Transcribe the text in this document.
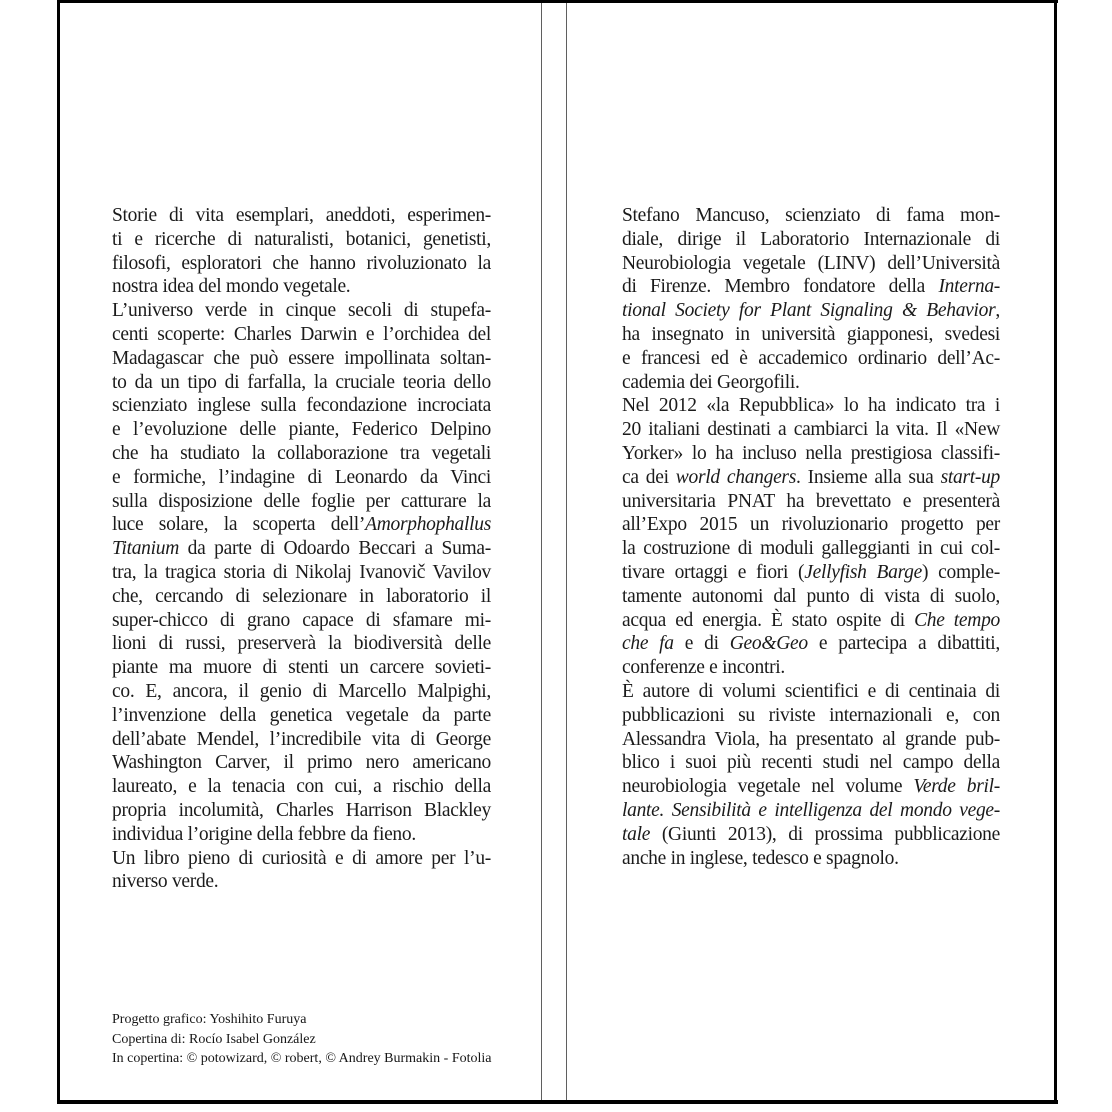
Storie di vita esemplari, aneddoti, esperimen-
ti e ricerche di naturalisti, botanici, genetisti,
filosofi, esploratori che hanno rivoluzionato la
nostra idea del mondo vegetale.
L’universo verde in cinque secoli di stupefa-
centi scoperte: Charles Darwin e l’orchidea del
Madagascar che può essere impollinata soltan-
to da un tipo di farfalla, la cruciale teoria dello
scienziato inglese sulla fecondazione incrociata
e l’evoluzione delle piante, Federico Delpino
che ha studiato la collaborazione tra vegetali
e formiche, l’indagine di Leonardo da Vinci
sulla disposizione delle foglie per catturare la
luce solare, la scoperta dell’Amorphophallus
Titanium da parte di Odoardo Beccari a Suma-
tra, la tragica storia di Nikolaj Ivanovič Vavilov
che, cercando di selezionare in laboratorio il
super-chicco di grano capace di sfamare mi-
lioni di russi, preserverà la biodiversità delle
piante ma muore di stenti un carcere sovieti-
co. E, ancora, il genio di Marcello Malpighi,
l’invenzione della genetica vegetale da parte
dell’abate Mendel, l’incredibile vita di George
Washington Carver, il primo nero americano
laureato, e la tenacia con cui, a rischio della
propria incolumità, Charles Harrison Blackley
individua l’origine della febbre da fieno.
Un libro pieno di curiosità e di amore per l’u-
niverso verde.
Stefano Mancuso, scienziato di fama mon-
diale, dirige il Laboratorio Internazionale di
Neurobiologia vegetale (LINV) dell’Università
di Firenze. Membro fondatore della Interna-
tional Society for Plant Signaling & Behavior,
ha insegnato in università giapponesi, svedesi
e francesi ed è accademico ordinario dell’Ac-
cademia dei Georgofili.
Nel 2012 «la Repubblica» lo ha indicato tra i
20 italiani destinati a cambiarci la vita. Il «New
Yorker» lo ha incluso nella prestigiosa classifi-
ca dei world changers. Insieme alla sua start-up
universitaria PNAT ha brevettato e presenterà
all’Expo 2015 un rivoluzionario progetto per
la costruzione di moduli galleggianti in cui col-
tivare ortaggi e fiori (Jellyfish Barge) comple-
tamente autonomi dal punto di vista di suolo,
acqua ed energia. È stato ospite di Che tempo
che fa e di Geo&Geo e partecipa a dibattiti,
conferenze e incontri.
È autore di volumi scientifici e di centinaia di
pubblicazioni su riviste internazionali e, con
Alessandra Viola, ha presentato al grande pub-
blico i suoi più recenti studi nel campo della
neurobiologia vegetale nel volume Verde bril-
lante. Sensibilità e intelligenza del mondo vege-
tale (Giunti 2013), di prossima pubblicazione
anche in inglese, tedesco e spagnolo.
Progetto grafico: Yoshihito Furuya
Copertina di: Rocío Isabel González
In copertina: © potowizard, © robert, © Andrey Burmakin - Fotolia
